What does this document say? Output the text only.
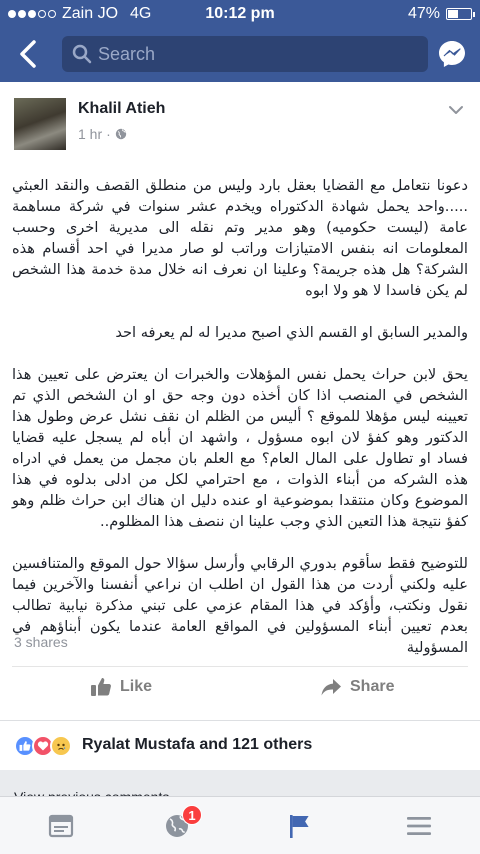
Zain JO 4G	10:12 pm	47%
Search
Khalil Atieh
1 hr ·

دعونا نتعامل مع القضايا بعقل بارد وليس من منطلق القصف والنقد العبثي .....واحد يحمل شهادة الدكتوراه ويخدم عشر سنوات في شركة مساهمة عامة (ليست حكوميه) وهو مدير وتم نقله الى مديرية اخرى وحسب المعلومات انه بنفس الامتيازات وراتب لو صار مديرا في احد أقسام هذه الشركة؟ هل هذه جريمة؟ وعلينا ان نعرف انه خلال مدة خدمة هذا الشخص لم يكن فاسدا لا هو ولا ابوه

والمدير السابق او القسم الذي اصبح مديرا له لم يعرفه احد

يحق لابن حراث يحمل نفس المؤهلات والخبرات ان يعترض على تعيين هذا الشخص في المنصب اذا كان أخذه دون وجه حق او ان الشخص الذي تم تعيينه ليس مؤهلا للموقع ؟ أليس من الظلم ان نقف نشل عرض وطول هذا الدكتور وهو كفؤ لان ابوه مسؤول ، واشهد ان أباه لم يسجل عليه قضايا فساد او تطاول على المال العام؟ مع العلم بان مجمل من يعمل في ادراه هذه الشركه من أبناء الذوات ، مع احترامي لكل من ادلى بدلوه في هذا الموضوع وكان منتقدا بموضوعية او عنده دليل ان هناك ابن حراث ظلم وهو كفؤ نتيجة هذا التعين الذي وجب علينا ان ننصف هذا المظلوم..

للتوضيح فقط سأقوم بدوري الرقابي وأرسل سؤالا حول الموقع والمتنافسين عليه ولكني أردت من هذا القول ان اطلب ان نراعي أنفسنا والآخرين فيما نقول ونكتب، وأؤكد في هذا المقام عزمي على تبني مذكرة نيابية تطالب بعدم تعيين أبناء المسؤولين في المواقع العامة عندما يكون أبناؤهم في المسؤولية

3 shares
Like	Share
Ryalat Mustafa and 121 others
1
